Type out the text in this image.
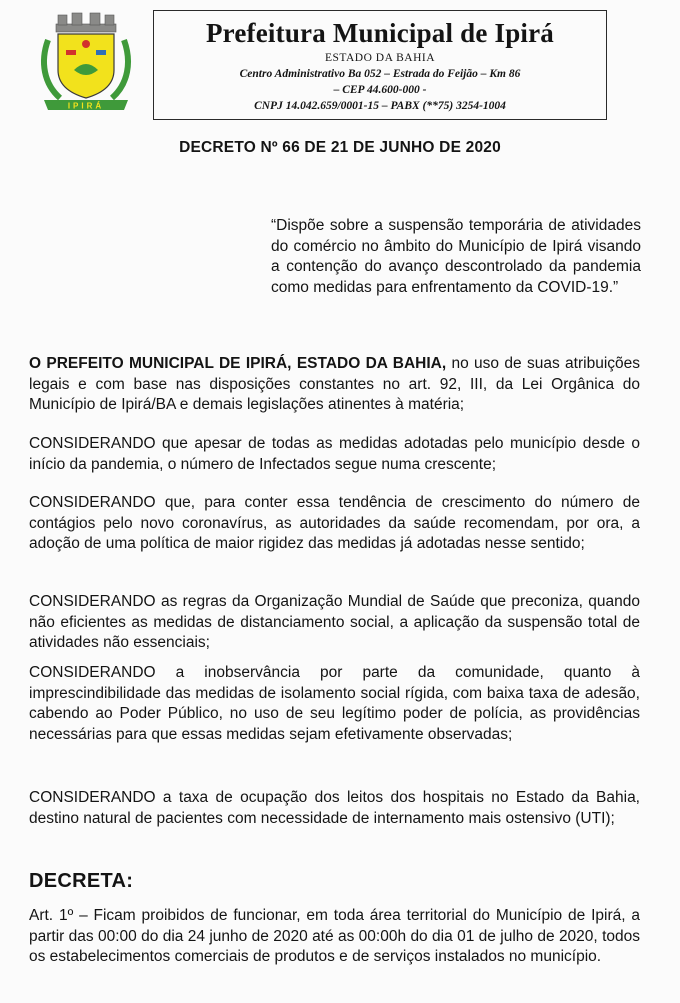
IPIRÁ
Prefeitura Municipal de Ipirá
ESTADO DA BAHIA
Centro Administrativo Ba 052 – Estrada do Feijão – Km 86
– CEP 44.600-000 -
CNPJ 14.042.659/0001-15 – PABX (**75) 3254-1004
DECRETO Nº 66 DE 21 DE JUNHO DE 2020
“Dispõe sobre a suspensão temporária de atividades do comércio no âmbito do Município de Ipirá visando a contenção do avanço descontrolado da pandemia como medidas para enfrentamento da COVID-19.”
O PREFEITO MUNICIPAL DE IPIRÁ, ESTADO DA BAHIA, no uso de suas atribuições legais e com base nas disposições constantes no art. 92, III, da Lei Orgânica do Município de Ipirá/BA e demais legislações atinentes à matéria;
CONSIDERANDO que apesar de todas as medidas adotadas pelo município desde o início da pandemia, o número de Infectados segue numa crescente;
CONSIDERANDO que, para conter essa tendência de crescimento do número de contágios pelo novo coronavírus, as autoridades da saúde recomendam, por ora, a adoção de uma política de maior rigidez das medidas já adotadas nesse sentido;
CONSIDERANDO as regras da Organização Mundial de Saúde que preconiza, quando não eficientes as medidas de distanciamento social, a aplicação da suspensão total de atividades não essenciais;
CONSIDERANDO a inobservância por parte da comunidade, quanto à imprescindibilidade das medidas de isolamento social rígida, com baixa taxa de adesão, cabendo ao Poder Público, no uso de seu legítimo poder de polícia, as providências necessárias para que essas medidas sejam efetivamente observadas;
CONSIDERANDO a taxa de ocupação dos leitos dos hospitais no Estado da Bahia, destino natural de pacientes com necessidade de internamento mais ostensivo (UTI);
DECRETA:
Art. 1º – Ficam proibidos de funcionar, em toda área territorial do Município de Ipirá, a partir das 00:00 do dia 24 junho de 2020 até as 00:00h do dia 01 de julho de 2020, todos os estabelecimentos comerciais de produtos e de serviços instalados no município.
